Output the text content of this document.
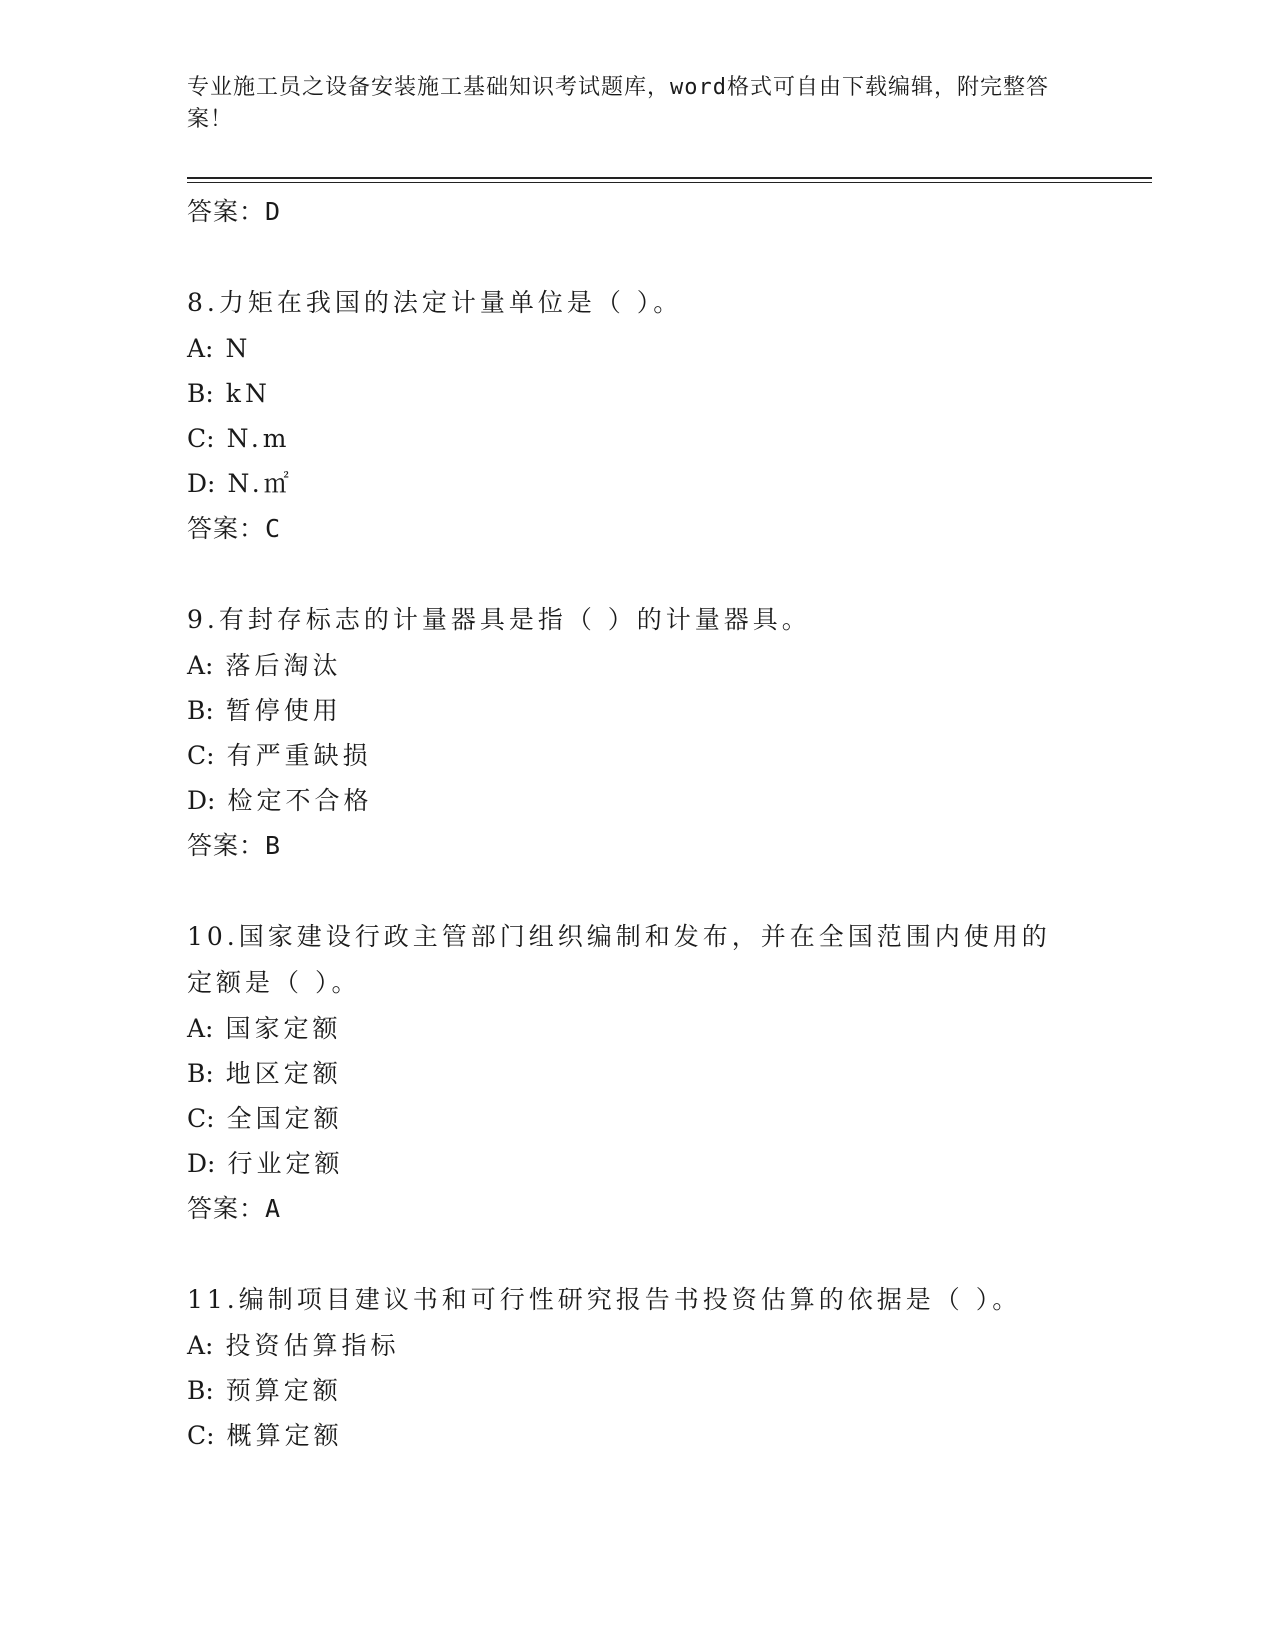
专业施工员之设备安装施工基础知识考试题库，word格式可自由下载编辑，附完整答案！
答案：D
8.力矩在我国的法定计量单位是（ ）。
A: N
B: kN
C: N.m
D: N.㎡
答案：C
9.有封存标志的计量器具是指（ ）的计量器具。
A: 落后淘汰
B: 暂停使用
C: 有严重缺损
D: 检定不合格
答案：B
10.国家建设行政主管部门组织编制和发布，并在全国范围内使用的定额是（ ）。
A: 国家定额
B: 地区定额
C: 全国定额
D: 行业定额
答案：A
11.编制项目建议书和可行性研究报告书投资估算的依据是（ ）。
A: 投资估算指标
B: 预算定额
C: 概算定额
